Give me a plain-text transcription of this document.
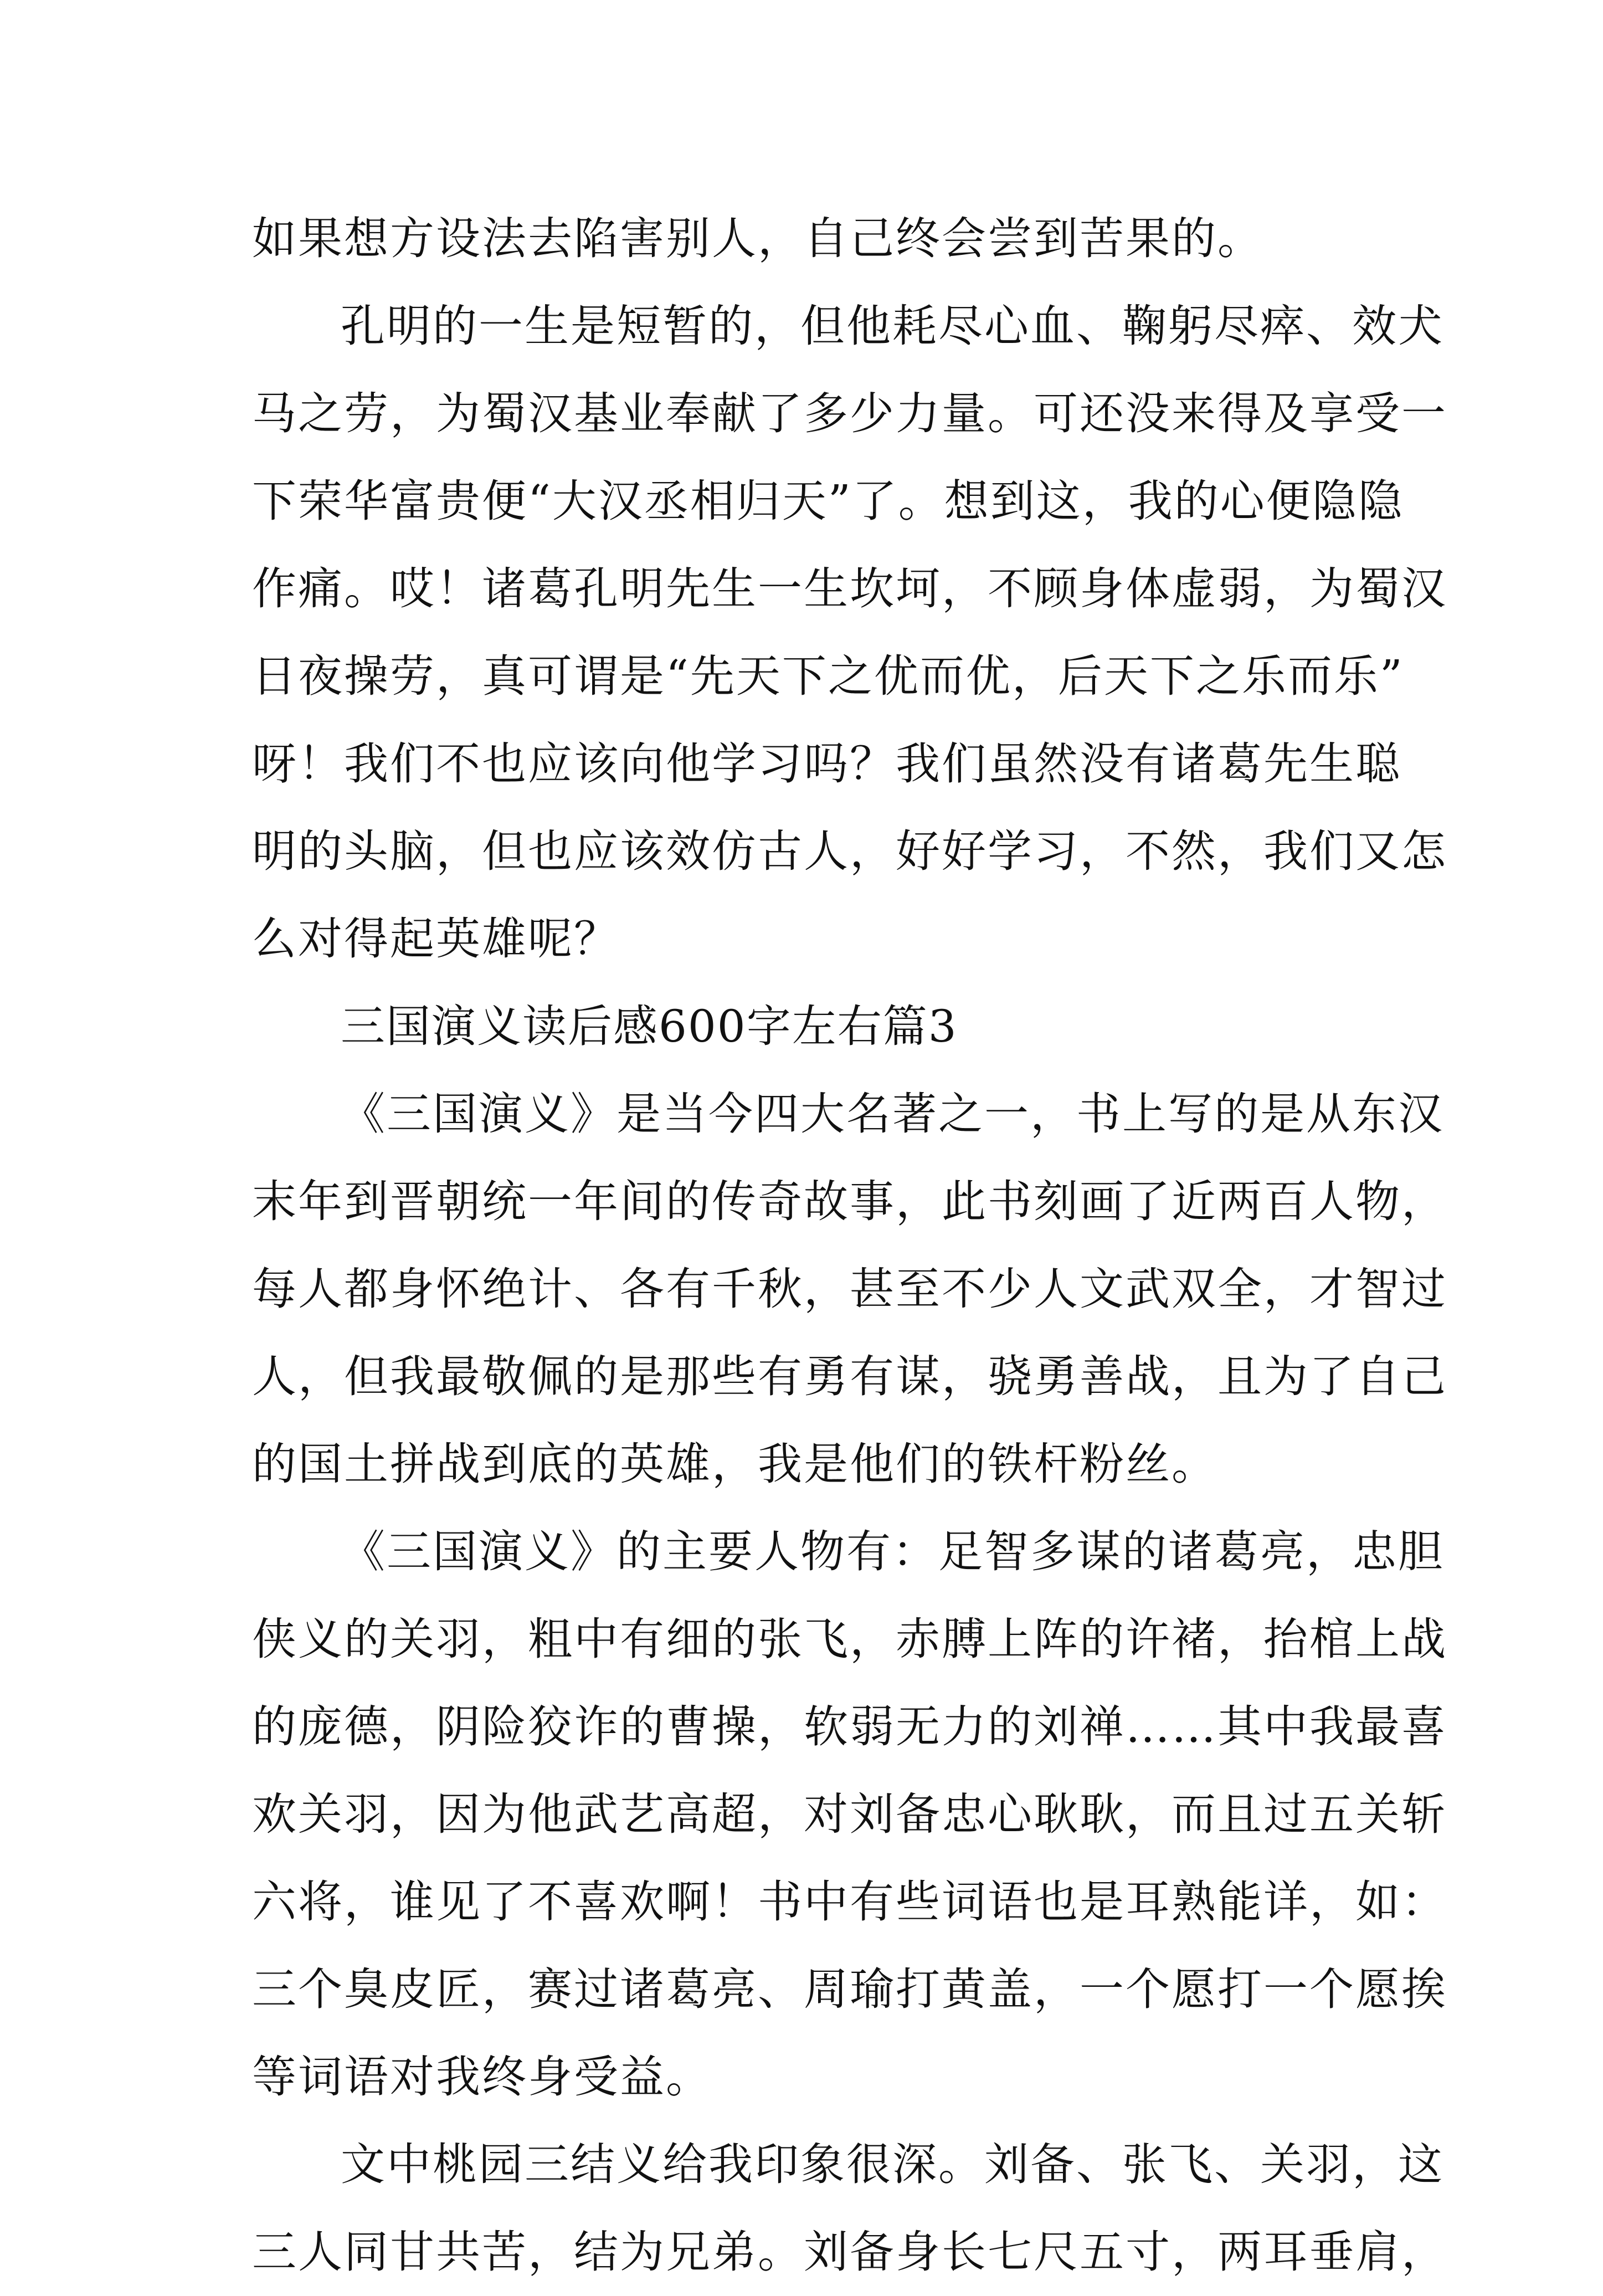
如果想方设法去陷害别人，自己终会尝到苦果的。
孔明的一生是短暂的，但他耗尽心血、鞠躬尽瘁、效犬
马之劳，为蜀汉基业奉献了多少力量。可还没来得及享受一
下荣华富贵便“大汉丞相归天”了。想到这，我的心便隐隐
作痛。哎！诸葛孔明先生一生坎坷，不顾身体虚弱，为蜀汉
日夜操劳，真可谓是“先天下之优而优，后天下之乐而乐”
呀！我们不也应该向他学习吗？我们虽然没有诸葛先生聪
明的头脑，但也应该效仿古人，好好学习，不然，我们又怎
么对得起英雄呢？
三国演义读后感600字左右篇3
《三国演义》是当今四大名著之一，书上写的是从东汉
末年到晋朝统一年间的传奇故事，此书刻画了近两百人物，
每人都身怀绝计、各有千秋，甚至不少人文武双全，才智过
人，但我最敬佩的是那些有勇有谋，骁勇善战，且为了自己
的国土拼战到底的英雄，我是他们的铁杆粉丝。
《三国演义》的主要人物有：足智多谋的诸葛亮，忠胆
侠义的关羽，粗中有细的张飞，赤膊上阵的许褚，抬棺上战
的庞德，阴险狡诈的曹操，软弱无力的刘禅……其中我最喜
欢关羽，因为他武艺高超，对刘备忠心耿耿，而且过五关斩
六将，谁见了不喜欢啊！书中有些词语也是耳熟能详，如：
三个臭皮匠，赛过诸葛亮、周瑜打黄盖，一个愿打一个愿挨
等词语对我终身受益。
文中桃园三结义给我印象很深。刘备、张飞、关羽，这
三人同甘共苦，结为兄弟。刘备身长七尺五寸，两耳垂肩，
